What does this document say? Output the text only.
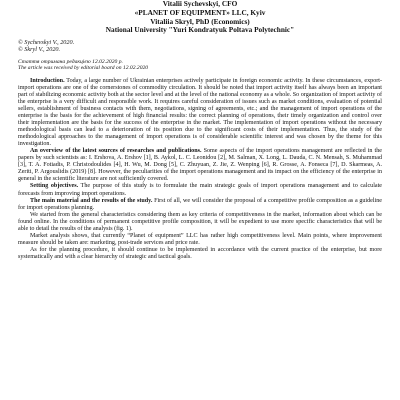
Vitalii Sychevskyi, CFO
«PLANET OF EQUIPMENT» LLC, Kyiv
Vitaliia Skryl, PhD (Economics)
National University "Yuri Kondratyuk Poltava Polytechnic"
© Sychevskyi V., 2020.
© Skryl V., 2020.
Стаття отримана редакцією 12.02.2020 р.
The article was received by editorial board on 12.02.2020

Introduction. Today, a large number of Ukrainian enterprises actively participate in foreign economic activity. In these circumstances, export-import operations are one of the cornerstones of commodity circulation. It should be noted that import activity itself has always been an important part of stabilizing economic activity both at the sector level and at the level of the national economy as a whole. So organization of import activity of the enterprise is a very difficult and responsible work. It requires careful consideration of issues such as market conditions, evaluation of potential sellers, establishment of business contacts with them, negotiations, signing of agreements, etc.; and the management of import operations of the enterprise is the basis for the achievement of high financial results: the correct planning of operations, their timely organization and control over their implementation are the basis for the success of the enterprise in the market. The implementation of import operations without the necessary methodological basis can lead to a deterioration of its position due to the significant costs of their implementation. Thus, the study of the methodological approaches to the management of import operations is of considerable scientific interest and was chosen by the theme for this investigation.

An overview of the latest sources of researches and publications. Some aspects of the import operations management are reflected in the papers by such scientists as: I. Ershova, A. Ershov [1], B. Aykol, L. C. Leonidou [2], M. Salman, X. Long, L. Dauda, C. N. Mensah, S. Muhammad [3], T. A. Fotiadis, P. Christodoulides [4], H. Wu, M. Dong [5], C. Zhuyuan, Z. Jie, Z. Wenping [6], R. Grosse, A. Fonseca [7], D. Skarmeas, A. Zeriti, P. Argouslidis (2019) [8]. However, the peculiarities of the import operations management and its impact on the efficiency of the enterprise in general in the scientific literature are not sufficiently covered.

Setting objectives. The purpose of this study is to formulate the main strategic goals of import operations management and to calculate forecasts from improving import operations.

The main material and the results of the study. First of all, we will consider the proposal of a competitive profile composition as a guideline for import operations planning.

We started from the general characteristics considering them as key criteria of competitiveness in the market, information about which can be found online. In the conditions of permanent competitive profile composition, it will be expedient to use more specific characteristics that will be able to detail the results of the analysis (fig. 1).

Market analysis shows, that currently “Planet of equipment” LLC has rather high competitiveness level. Main points, where improvement measure should be taken are: marketing, post-trade services and price rate.

As for the planning procedure, it should continue to be implemented in accordance with the current practice of the enterprise, but more systematically and with a clear hierarchy of strategic and tactical goals.
